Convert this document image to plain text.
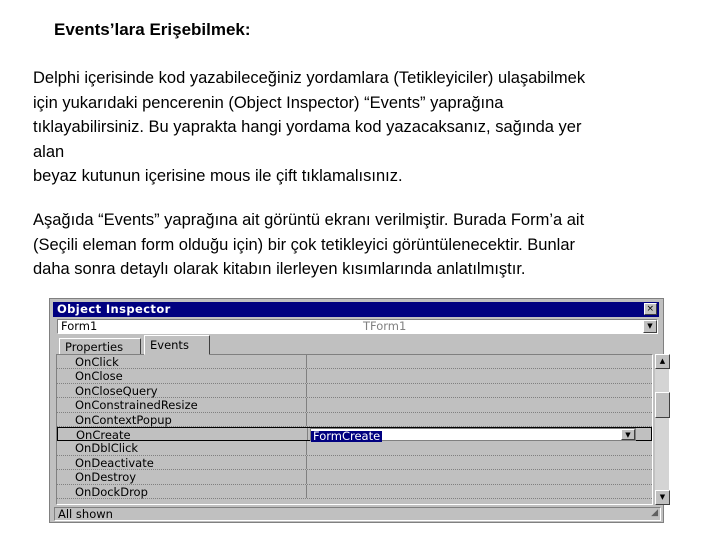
Events’lara Erişebilmek:
Delphi içerisinde kod yazabileceğiniz yordamlara (Tetikleyiciler) ulaşabilmek
için yukarıdaki pencerenin (Object Inspector) “Events” yaprağına
tıklayabilirsiniz. Bu yaprakta hangi yordama kod yazacaksanız, sağında yer
alan
beyaz kutunun içerisine mous ile çift tıklamalısınız.
Aşağıda “Events” yaprağına ait görüntü ekranı verilmiştir. Burada Form’a ait
(Seçili eleman form olduğu için) bir çok tetikleyici görüntülenecektir. Bunlar
daha sonra detaylı olarak kitabın ilerleyen kısımlarında anlatılmıştır.
Object Inspector	×
Form1	TForm1	▼
Properties	Events
OnClick
OnClose
OnCloseQuery
OnConstrainedResize
OnContextPopup
OnCreate	FormCreate	▼
OnDblClick
OnDeactivate
OnDestroy
OnDockDrop
▲
▼
All shown	◢
